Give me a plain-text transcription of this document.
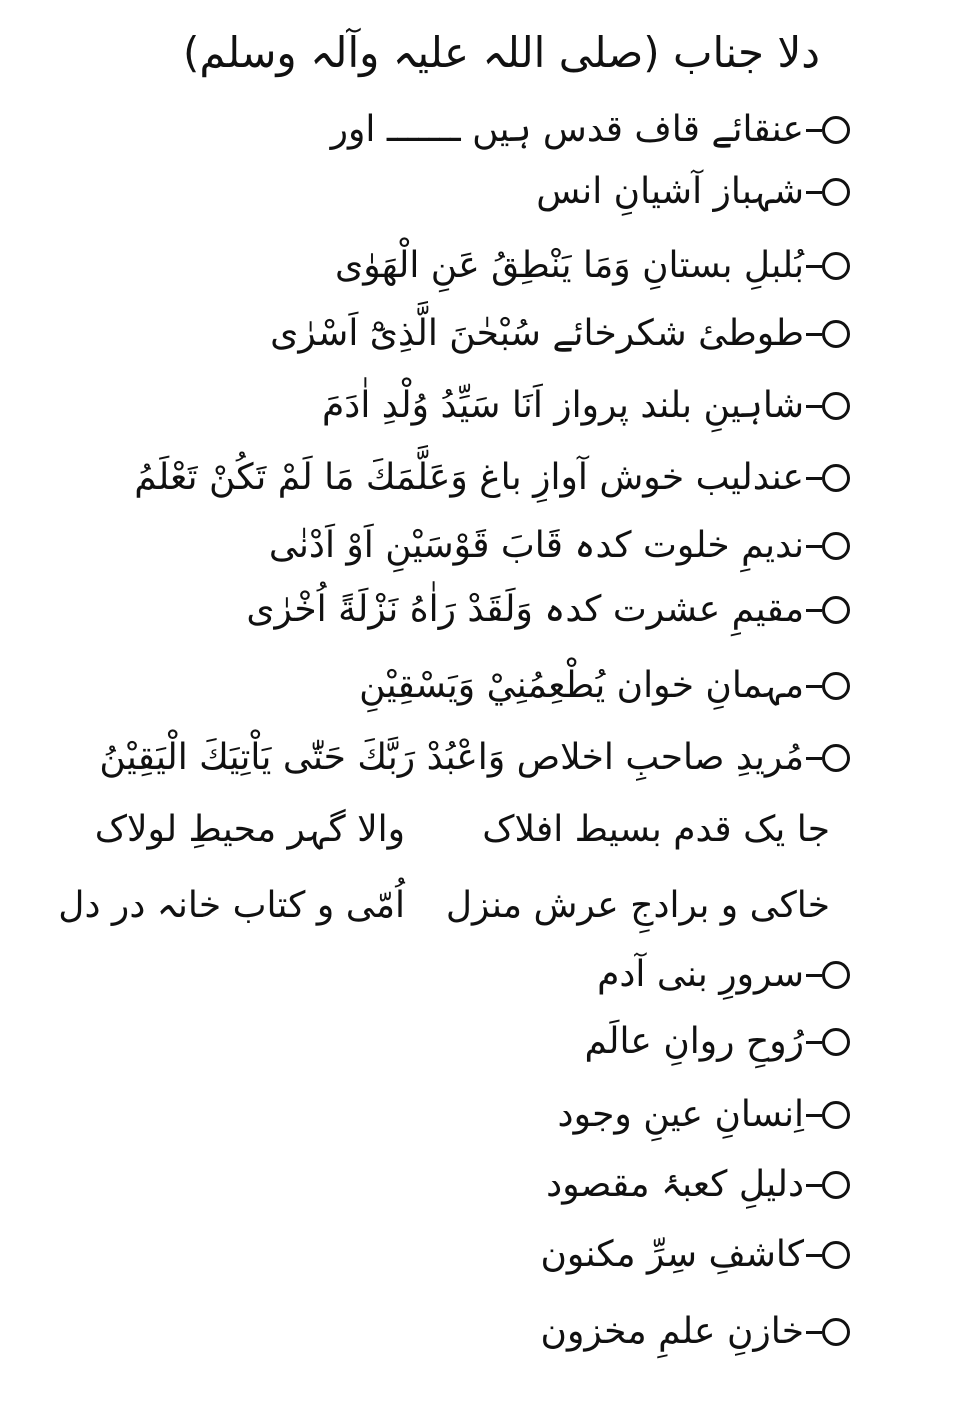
دلا جناب (صلی اللہ علیہ وآلہ وسلم)
عنقائے قاف قدس ہیں ـــــــ اور
شہباز آشیانِ انس
بُلبلِ بستانِ وَمَا یَنْطِقُ عَنِ الْهَوٰى
طوطیٔ شکرخائے سُبْحٰنَ الَّذِیْٓ اَسْرٰى
شاہینِ بلند پرواز اَنَا سَیِّدُ وُلْدِ اٰدَمَ
عندلیب خوش آوازِ باغ وَعَلَّمَكَ مَا لَمْ تَكُنْ تَعْلَمُ
ندیمِ خلوت کدہ قَابَ قَوْسَيْنِ اَوْ اَدْنٰى
مقیمِ عشرت کدہ وَلَقَدْ رَاٰهُ نَزْلَةً اُخْرٰى
مہمانِ خوان يُطْعِمُنِيْ وَيَسْقِيْنِ
مُریدِ صاحبِ اخلاص وَاعْبُدْ رَبَّكَ حَتّٰى يَاْتِيَكَ الْيَقِيْنُ
جا یک قدم بسیط افلاک
والا گہر محیطِ لولاک
خاکی و برادجِ عرش منزل
اُمّی و کتاب خانہ در دل
سرورِ بنی آدم
رُوحِ روانِ عالَم
اِنسانِ عینِ وجود
دلیلِ کعبۂ مقصود
کاشفِ سِرِّ مکنون
خازنِ علمِ مخزون
